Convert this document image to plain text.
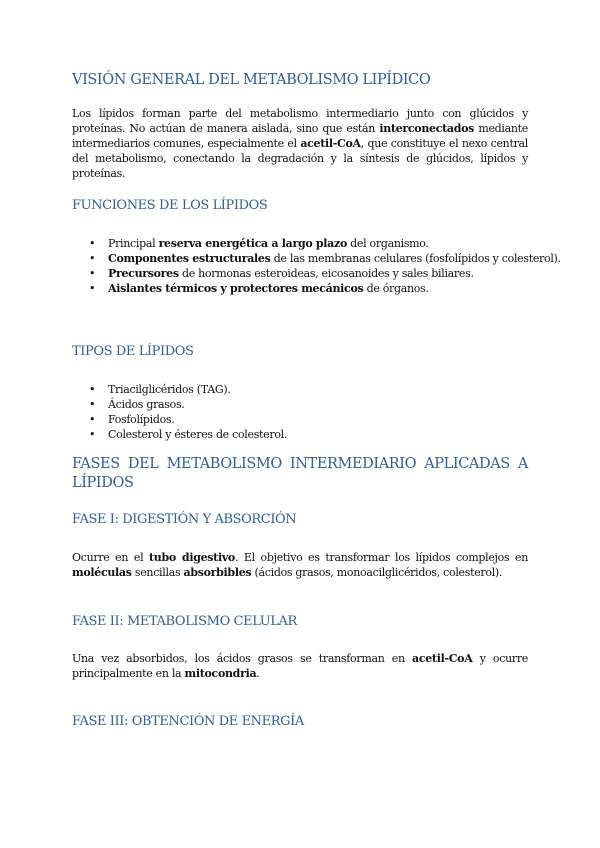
VISIÓN GENERAL DEL METABOLISMO LIPÍDICO

Los lípidos forman parte del metabolismo intermediario junto con glúcidos y proteínas. No actúan de manera aislada, sino que están interconectados mediante intermediarios comunes, especialmente el acetil-CoA, que constituye el nexo central del metabolismo, conectando la degradación y la síntesis de glúcidos, lípidos y proteínas.

FUNCIONES DE LOS LÍPIDOS
• Principal reserva energética a largo plazo del organismo.
• Componentes estructurales de las membranas celulares (fosfolípidos y colesterol).
• Precursores de hormonas esteroideas, eicosanoides y sales biliares.
• Aislantes térmicos y protectores mecánicos de órganos.
TIPOS DE LÍPIDOS
• Triacilglicéridos (TAG).
• Ácidos grasos.
• Fosfolípidos.
• Colesterol y ésteres de colesterol.
FASES DEL METABOLISMO INTERMEDIARIO APLICADAS A LÍPIDOS
FASE I: DIGESTIÓN Y ABSORCIÓN

Ocurre en el tubo digestivo. El objetivo es transformar los lípidos complejos en moléculas sencillas absorbibles (ácidos grasos, monoacilglicéridos, colesterol).

FASE II: METABOLISMO CELULAR

Una vez absorbidos, los ácidos grasos se transforman en acetil-CoA y ocurre principalmente en la mitocondria.

FASE III: OBTENCIÓN DE ENERGÍA
